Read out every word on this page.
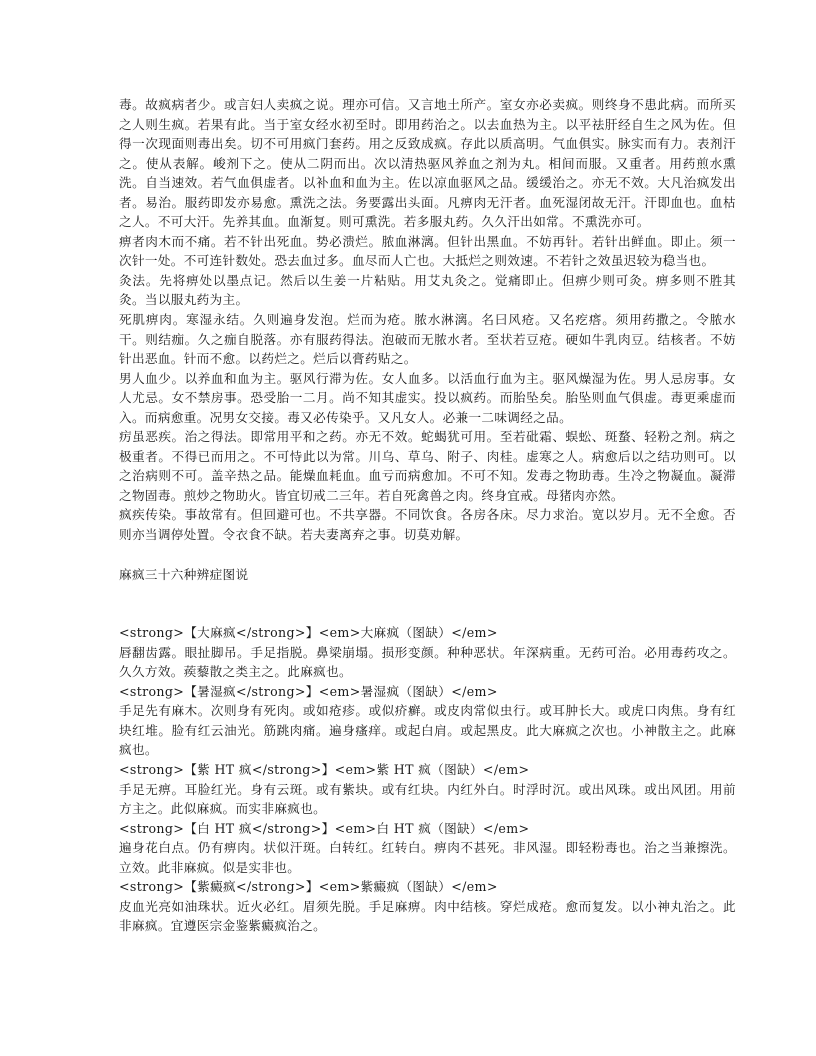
毒。故疯病者少。或言妇人卖疯之说。理亦可信。又言地土所产。室女亦必卖疯。则终身不患此病。而所买之人则生疯。若果有此。当于室女经水初至时。即用药治之。以去血热为主。以平祛肝经自生之风为佐。但得一次现面则毒出矣。切不可用疯门套药。用之反致成疯。存此以质高明。气血俱实。脉实而有力。表剂汗之。使从表解。峻剂下之。使从二阴而出。次以清热驱风养血之剂为丸。相间而服。又重者。用药煎水熏洗。自当速效。若气血俱虚者。以补血和血为主。佐以凉血驱风之品。缓缓治之。亦无不效。大凡治疯发出者。易治。服药即发亦易愈。熏洗之法。务要露出头面。凡痹肉无汗者。血死湿闭故无汗。汗即血也。血枯之人。不可大汗。先养其血。血渐复。则可熏洗。若多服丸药。久久汗出如常。不熏洗亦可。

痹者肉木而不痛。若不针出死血。势必溃烂。脓血淋漓。但针出黑血。不妨再针。若针出鲜血。即止。须一次针一处。不可连针数处。恐去血过多。血尽而人亡也。大抵烂之则效速。不若针之效虽迟较为稳当也。

灸法。先将痹处以墨点记。然后以生姜一片粘贴。用艾丸灸之。觉痛即止。但痹少则可灸。痹多则不胜其灸。当以服丸药为主。

死肌痹肉。寒湿永结。久则遍身发泡。烂而为疮。脓水淋漓。名曰风疮。又名疙瘩。须用药撒之。令脓水干。则结痂。久之痂自脱落。亦有服药得法。泡破而无脓水者。至状若豆疮。硬如牛乳肉豆。结核者。不妨针出恶血。针而不愈。以药烂之。烂后以膏药贴之。

男人血少。以养血和血为主。驱风行滞为佐。女人血多。以活血行血为主。驱风燥湿为佐。男人忌房事。女人尤忌。女不禁房事。恐受胎一二月。尚不知其虚实。投以疯药。而胎坠矣。胎坠则血气俱虚。毒更乘虚而入。而病愈重。况男女交接。毒又必传染乎。又凡女人。必兼一二味调经之品。

疠虽恶疾。治之得法。即常用平和之药。亦无不效。蛇蝎犹可用。至若砒霜、蜈蚣、斑蝥、轻粉之剂。病之极重者。不得已而用之。不可恃此以为常。川乌、草乌、附子、肉桂。虚寒之人。病愈后以之结功则可。以之治病则不可。盖辛热之品。能燥血耗血。血亏而病愈加。不可不知。发毒之物助毒。生冷之物凝血。凝滞之物固毒。煎炒之物助火。皆宜切戒二三年。若自死禽兽之肉。终身宜戒。母猪肉亦然。

疯疾传染。事故常有。但回避可也。不共享器。不同饮食。各房各床。尽力求治。宽以岁月。无不全愈。否则亦当调停处置。令衣食不缺。若夫妻离弃之事。切莫劝解。

麻疯三十六种辨症图说

<strong>【大麻疯</strong>】<em>大麻疯（图缺）</em>

唇翻齿露。眼扯脚吊。手足指脱。鼻梁崩塌。损形变颜。种种恶状。年深病重。无药可治。必用毒药攻之。久久方效。蒺藜散之类主之。此麻疯也。

<strong>【暑湿疯</strong>】<em>暑湿疯（图缺）</em>

手足先有麻木。次则身有死肉。或如疮疹。或似疥癣。或皮肉常似虫行。或耳肿长大。或虎口肉焦。身有红块红堆。脸有红云油光。筋跳肉痛。遍身瘙痒。或起白肩。或起黑皮。此大麻疯之次也。小神散主之。此麻疯也。

<strong>【紫 HT 疯</strong>】<em>紫 HT 疯（图缺）</em>

手足无痹。耳脸红光。身有云斑。或有紫块。或有红块。内红外白。时浮时沉。或出风珠。或出风团。用前方主之。此似麻疯。而实非麻疯也。

<strong>【白 HT 疯</strong>】<em>白 HT 疯（图缺）</em>

遍身花白点。仍有痹肉。状似汗斑。白转红。红转白。痹肉不甚死。非风湿。即轻粉毒也。治之当兼擦洗。立效。此非麻疯。似是实非也。

<strong>【紫癜疯</strong>】<em>紫癜疯（图缺）</em>

皮血光亮如油珠状。近火必红。眉须先脱。手足麻痹。肉中结核。穿烂成疮。愈而复发。以小神丸治之。此非麻疯。宜遵医宗金鉴紫癜疯治之。
